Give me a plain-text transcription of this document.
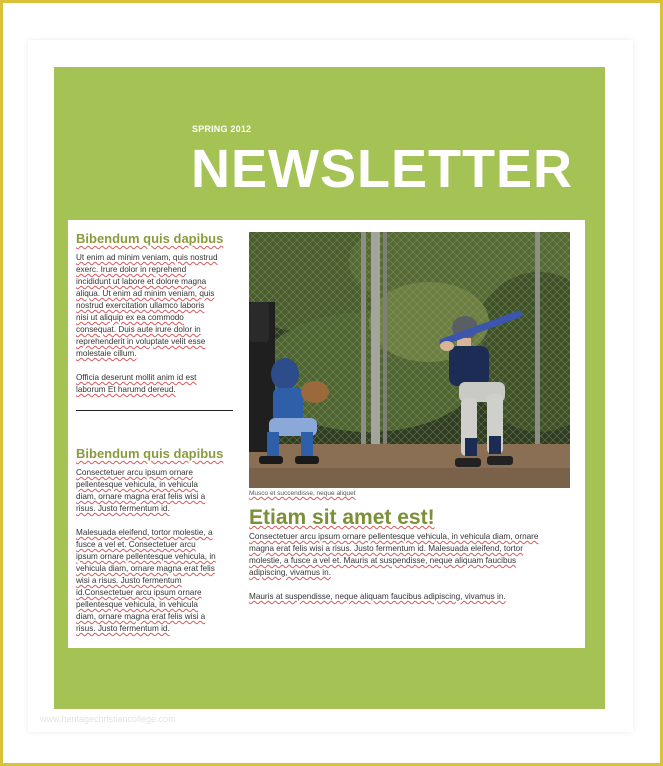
SPRING 2012
NEWSLETTER
Bibendum quis dapibus

Ut enim ad minim veniam, quis nostrud
exerc. Irure dolor in reprehend
incididunt ut labore et dolore magna
aliqua. Ut enim ad minim veniam, quis
nostrud exercitation ullamco laboris
nisi ut aliquip ex ea commodo
consequat. Duis aute irure dolor in
reprehenderit in voluptate velit esse
molestaie cillum.

Officia deserunt mollit anim id est
laborum Et harumd dereud.

Bibendum quis dapibus

Consectetuer arcu ipsum ornare
pellentesque vehicula, in vehicula
diam, ornare magna erat felis wisi a
risus. Justo fermentum id.

Malesuada eleifend, tortor molestie, a
fusce a vel et. Consectetuer arcu
ipsum ornare pellentesque vehicula, in
vehicula diam, ornare magna erat felis
wisi a risus. Justo fermentum
id.Consectetuer arcu ipsum ornare
pellentesque vehicula, in vehicula
diam, ornare magna erat felis wisi a
risus. Justo fermentum id.

Musco et succendisse, neque aliquet
Etiam sit amet est!

Consectetuer arcu ipsum ornare pellentesque vehicula, in vehicula diam, ornare
magna erat felis wisi a risus. Justo fermentum id. Malesuada eleifend, tortor
molestie, a fusce a vel et. Mauris at suspendisse, neque aliquam faucibus
adipiscing, vivamus in.

Mauris at suspendisse, neque aliquam faucibus adipiscing, vivamus in.

www.heritagechristiancollege.com
